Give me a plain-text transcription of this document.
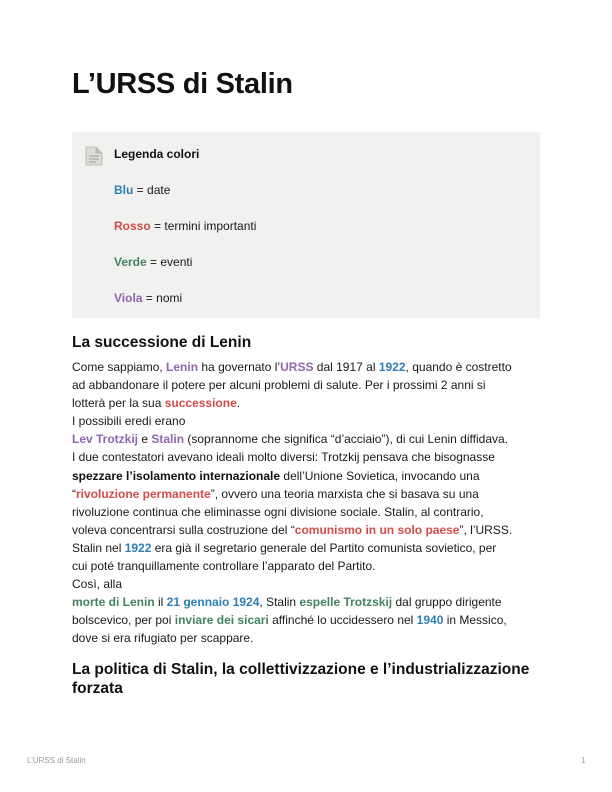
L’URSS di Stalin
Legenda colori
Blu = date
Rosso = termini importanti
Verde = eventi
Viola = nomi
La successione di Lenin

Come sappiamo, Lenin ha governato l’URSS dal 1917 al 1922, quando è costretto

ad abbandonare il potere per alcuni problemi di salute. Per i prossimi 2 anni si

lotterà per la sua successione.

I possibili eredi erano

Lev Trotzkij e Stalin (soprannome che significa “d’acciaio”), di cui Lenin diffidava.

I due contestatori avevano ideali molto diversi: Trotzkij pensava che bisognasse

spezzare l’isolamento internazionale dell’Unione Sovietica, invocando una

“rivoluzione permanente”, ovvero una teoria marxista che si basava su una

rivoluzione continua che eliminasse ogni divisione sociale. Stalin, al contrario,

voleva concentrarsi sulla costruzione del “comunismo in un solo paese”, l’URSS.

Stalin nel 1922 era già il segretario generale del Partito comunista sovietico, per

cui poté tranquillamente controllare l’apparato del Partito.

Così, alla

morte di Lenin il 21 gennaio 1924, Stalin espelle Trotzskij dal gruppo dirigente

bolscevico, per poi inviare dei sicari affinché lo uccidessero nel 1940 in Messico,

dove si era rifugiato per scappare.

La politica di Stalin, la collettivizzazione e l’industrializzazione
forzata
L’URSS di Stalin	1
